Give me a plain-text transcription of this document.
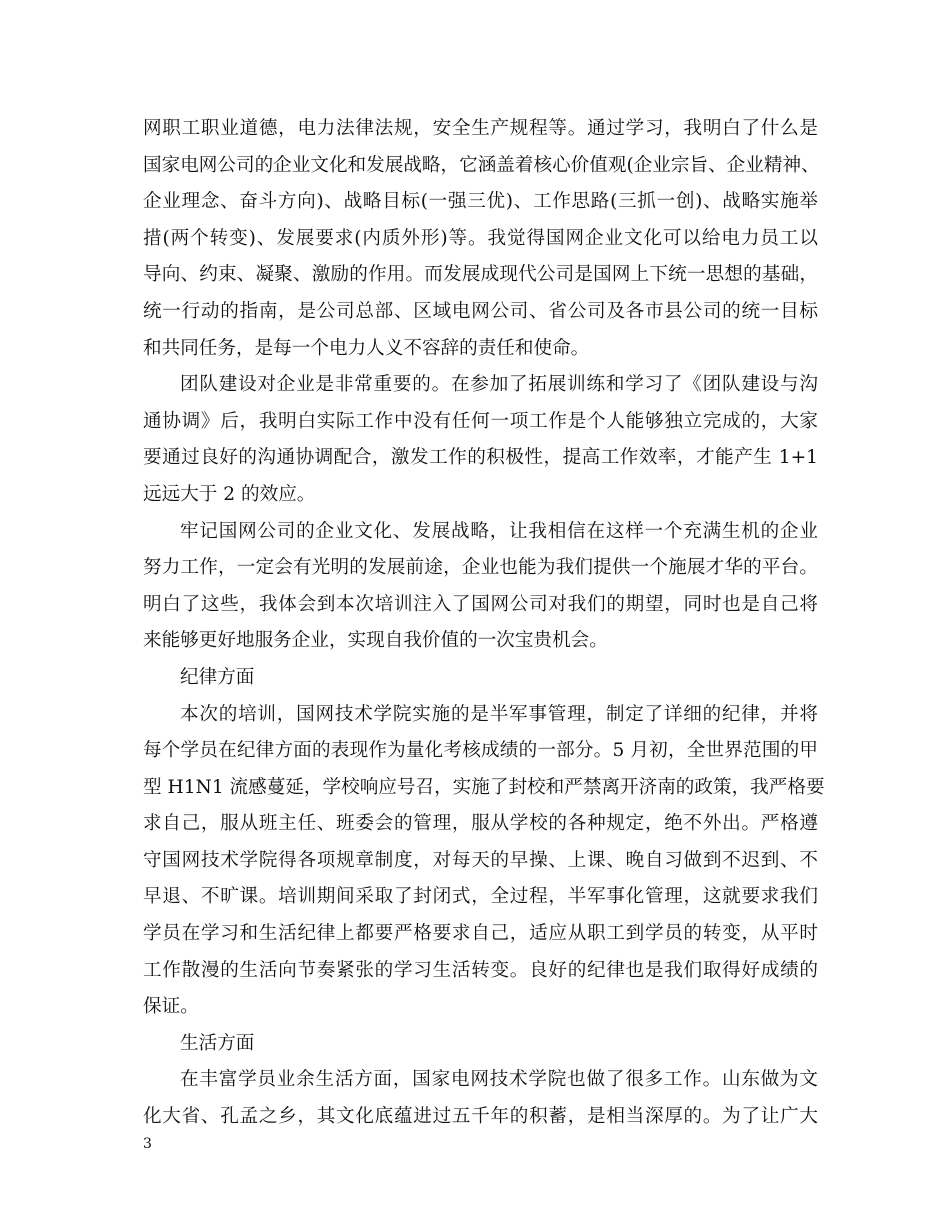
网职工职业道德，电力法律法规，安全生产规程等。通过学习，我明白了什么是
国家电网公司的企业文化和发展战略，它涵盖着核心价值观(企业宗旨、企业精神、
企业理念、奋斗方向)、战略目标(一强三优)、工作思路(三抓一创)、战略实施举
措(两个转变)、发展要求(内质外形)等。我觉得国网企业文化可以给电力员工以
导向、约束、凝聚、激励的作用。而发展成现代公司是国网上下统一思想的基础，
统一行动的指南，是公司总部、区域电网公司、省公司及各市县公司的统一目标
和共同任务，是每一个电力人义不容辞的责任和使命。
团队建设对企业是非常重要的。在参加了拓展训练和学习了《团队建设与沟
通协调》后，我明白实际工作中没有任何一项工作是个人能够独立完成的，大家
要通过良好的沟通协调配合，激发工作的积极性，提高工作效率，才能产生 1+1
远远大于 2 的效应。
牢记国网公司的企业文化、发展战略，让我相信在这样一个充满生机的企业
努力工作，一定会有光明的发展前途，企业也能为我们提供一个施展才华的平台。
明白了这些，我体会到本次培训注入了国网公司对我们的期望，同时也是自己将
来能够更好地服务企业，实现自我价值的一次宝贵机会。
纪律方面
本次的培训，国网技术学院实施的是半军事管理，制定了详细的纪律，并将
每个学员在纪律方面的表现作为量化考核成绩的一部分。5 月初，全世界范围的甲
型 H1N1 流感蔓延，学校响应号召，实施了封校和严禁离开济南的政策，我严格要
求自己，服从班主任、班委会的管理，服从学校的各种规定，绝不外出。严格遵
守国网技术学院得各项规章制度，对每天的早操、上课、晚自习做到不迟到、不
早退、不旷课。培训期间采取了封闭式，全过程，半军事化管理，这就要求我们
学员在学习和生活纪律上都要严格要求自己，适应从职工到学员的转变，从平时
工作散漫的生活向节奏紧张的学习生活转变。良好的纪律也是我们取得好成绩的
保证。
生活方面
在丰富学员业余生活方面，国家电网技术学院也做了很多工作。山东做为文
化大省、孔孟之乡，其文化底蕴进过五千年的积蓄，是相当深厚的。为了让广大
3
